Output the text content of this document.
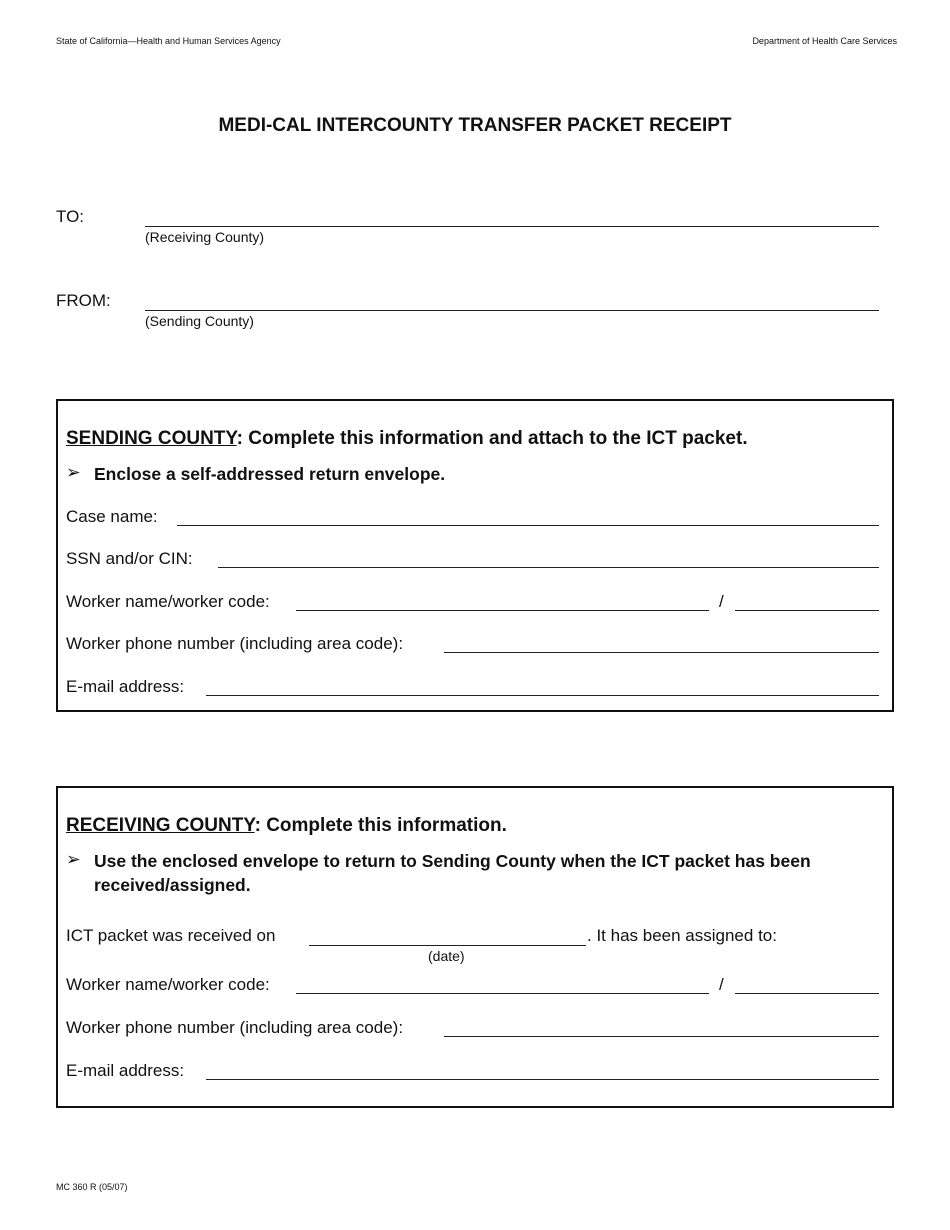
State of California—Health and Human Services Agency	Department of Health Care Services
MEDI-CAL INTERCOUNTY TRANSFER PACKET RECEIPT
TO:
(Receiving County)
FROM:
(Sending County)
SENDING COUNTY: Complete this information and attach to the ICT packet.
➢ Enclose a self-addressed return envelope.
Case name:
SSN and/or CIN:
Worker name/worker code:	/
Worker phone number (including area code):
E-mail address:
RECEIVING COUNTY: Complete this information.
➢ Use the enclosed envelope to return to Sending County when the ICT packet has been received/assigned.
ICT packet was received on	. It has been assigned to:
(date)
Worker name/worker code:	/
Worker phone number (including area code):
E-mail address:
MC 360 R (05/07)
